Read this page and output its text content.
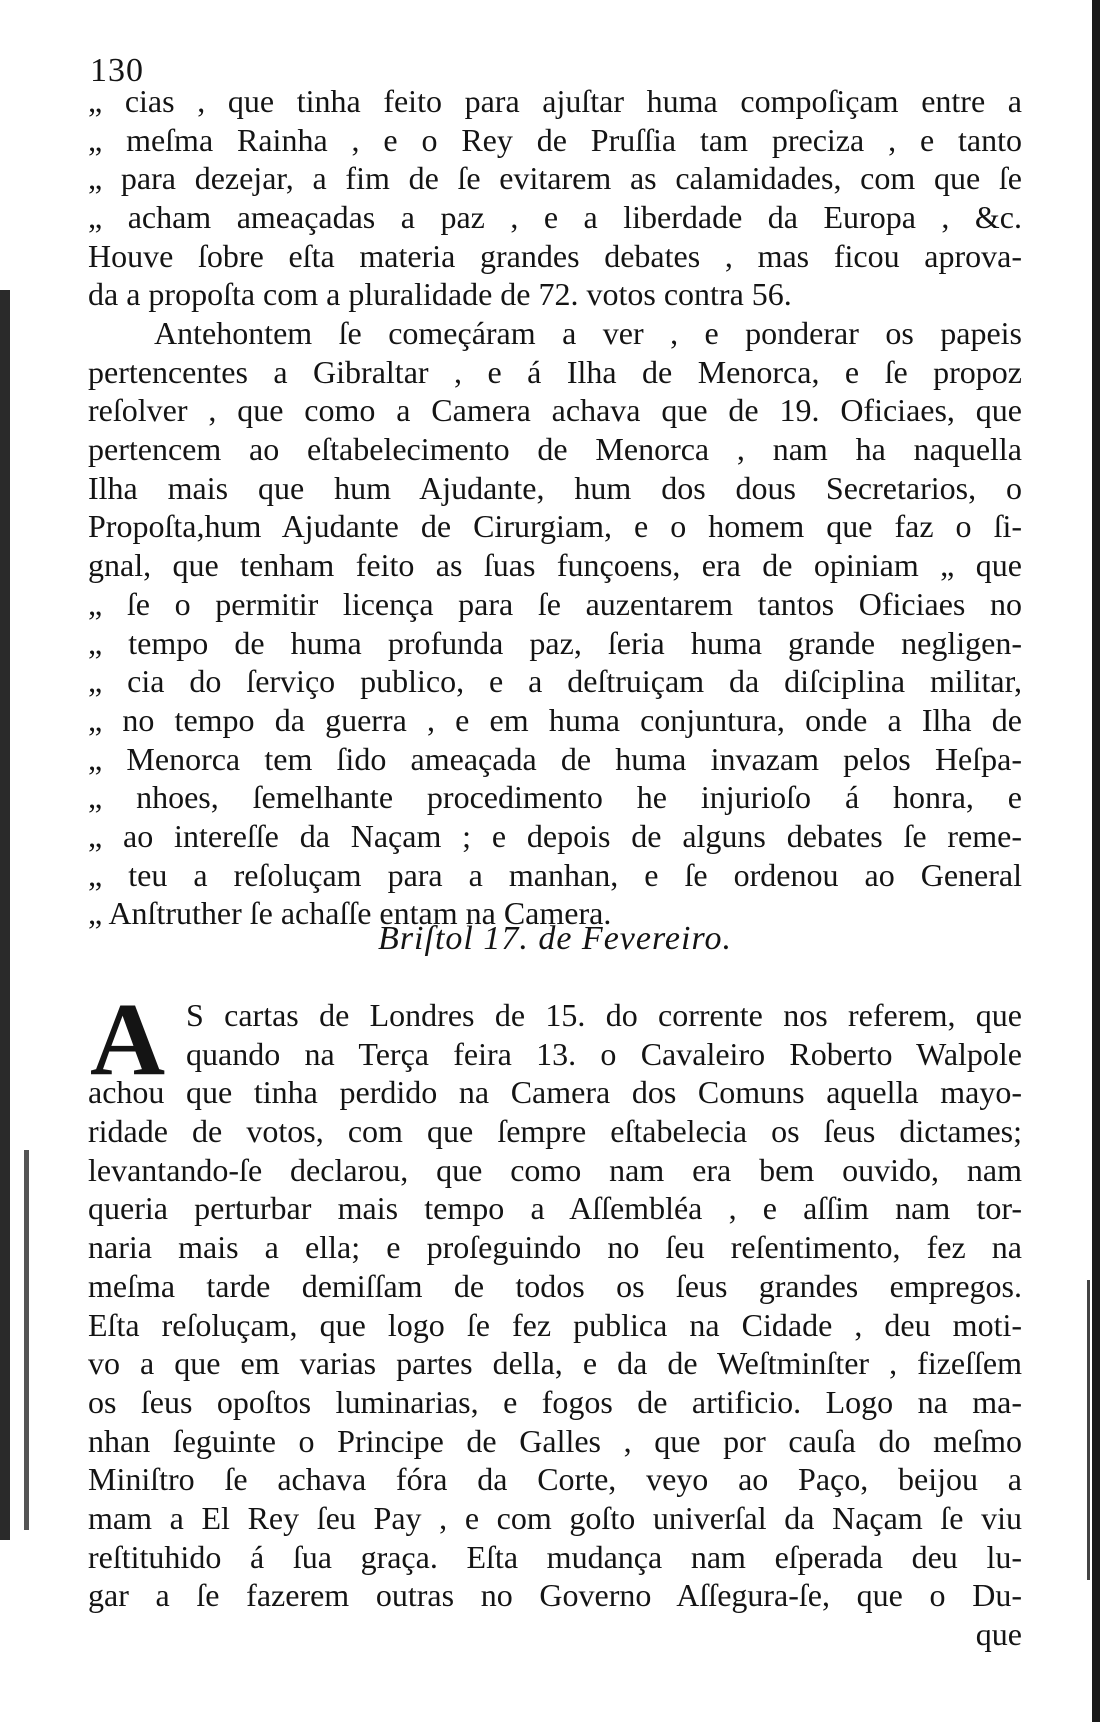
130
„ cias , que tinha feito para ajuſtar huma compoſiçam entre a
„ meſma Rainha , e o Rey de Pruſſia tam preciza , e tanto
„ para dezejar, a fim de ſe evitarem as calamidades, com que ſe
„ acham ameaçadas a paz , e a liberdade da Europa , &c.
Houve ſobre eſta materia grandes debates , mas ficou aprova-
da a propoſta com a pluralidade de 72. votos contra 56.
Antehontem ſe começáram a ver , e ponderar os papeis
pertencentes a Gibraltar , e á Ilha de Menorca, e ſe propoz
reſolver , que como a Camera achava que de 19. Oficiaes, que
pertencem ao eſtabelecimento de Menorca , nam ha naquella
Ilha mais que hum Ajudante, hum dos dous Secretarios, o
Propoſta,hum Ajudante de Cirurgiam, e o homem que faz o ſi-
gnal, que tenham feito as ſuas funçoens, era de opiniam „ que
„ ſe o permitir licença para ſe auzentarem tantos Oficiaes no
„ tempo de huma profunda paz, ſeria huma grande negligen-
„ cia do ſerviço publico, e a deſtruiçam da diſciplina militar,
„ no tempo da guerra , e em huma conjuntura, onde a Ilha de
„ Menorca tem ſido ameaçada de huma invazam pelos Heſpa-
„ nhoes, ſemelhante procedimento he injurioſo á honra, e
„ ao intereſſe da Naçam ; e depois de alguns debates ſe reme-
„ teu a reſoluçam para a manhan, e ſe ordenou ao General
„ Anſtruther ſe achaſſe entam na Camera.
Briſtol 17. de Fevereiro.
A S cartas de Londres de 15. do corrente nos referem, que
quando na Terça feira 13. o Cavaleiro Roberto Walpole
achou que tinha perdido na Camera dos Comuns aquella mayo-
ridade de votos, com que ſempre eſtabelecia os ſeus dictames;
levantando-ſe declarou, que como nam era bem ouvido, nam
queria perturbar mais tempo a Aſſembléa , e aſſim nam tor-
naria mais a ella; e proſeguindo no ſeu reſentimento, fez na
meſma tarde demiſſam de todos os ſeus grandes empregos.
Eſta reſoluçam, que logo ſe fez publica na Cidade , deu moti-
vo a que em varias partes della, e da de Weſtminſter , fizeſſem
os ſeus opoſtos luminarias, e fogos de artificio. Logo na ma-
nhan ſeguinte o Principe de Galles , que por cauſa do meſmo
Miniſtro ſe achava fóra da Corte, veyo ao Paço, beijou a
mam a El Rey ſeu Pay , e com goſto univerſal da Naçam ſe viu
reſtituhido á ſua graça. Eſta mudança nam eſperada deu lu-
gar a ſe fazerem outras no Governo Aſſegura-ſe, que o Du-
que
